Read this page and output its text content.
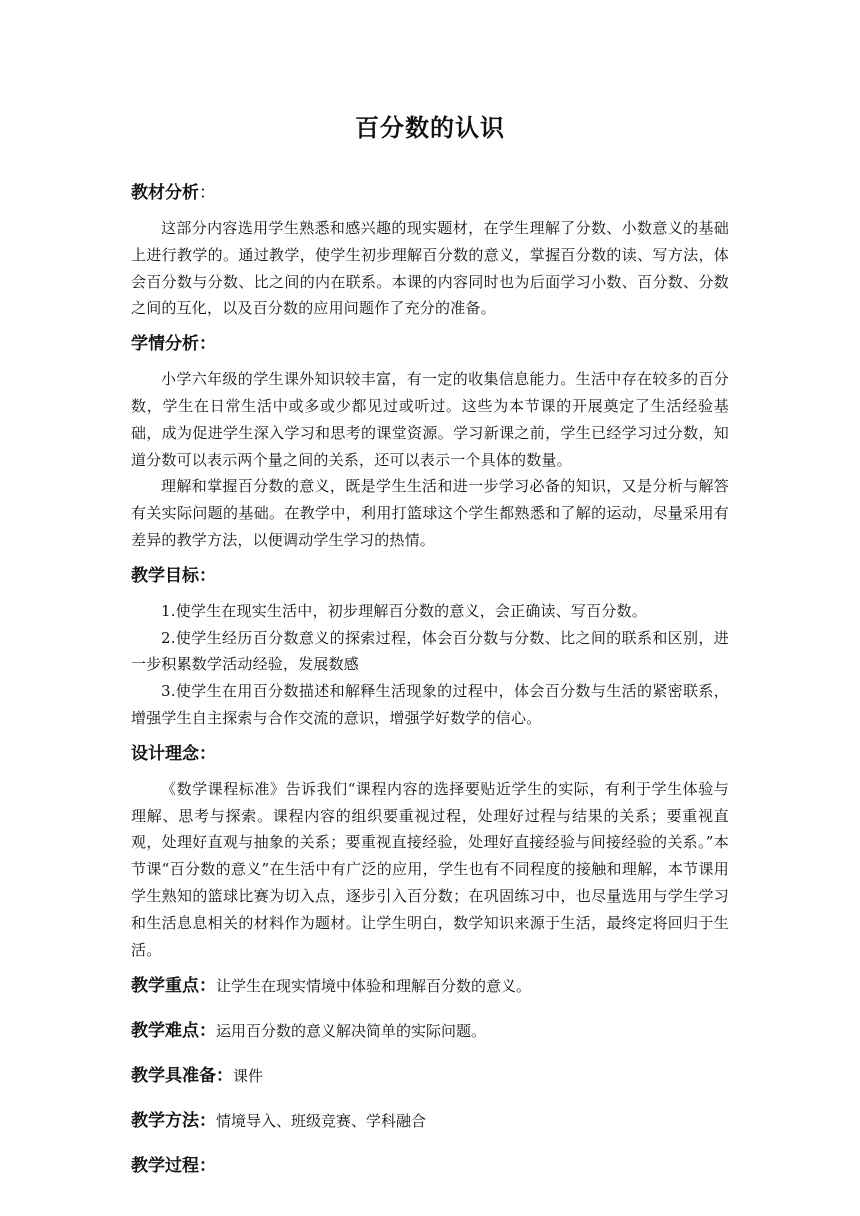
百分数的认识

教材分析：

这部分内容选用学生熟悉和感兴趣的现实题材，在学生理解了分数、小数意义的基础上进行教学的。通过教学，使学生初步理解百分数的意义，掌握百分数的读、写方法，体会百分数与分数、比之间的内在联系。本课的内容同时也为后面学习小数、百分数、分数之间的互化，以及百分数的应用问题作了充分的准备。

学情分析：

小学六年级的学生课外知识较丰富，有一定的收集信息能力。生活中存在较多的百分数，学生在日常生活中或多或少都见过或听过。这些为本节课的开展奠定了生活经验基础，成为促进学生深入学习和思考的课堂资源。学习新课之前，学生已经学习过分数，知道分数可以表示两个量之间的关系，还可以表示一个具体的数量。

理解和掌握百分数的意义，既是学生生活和进一步学习必备的知识，又是分析与解答有关实际问题的基础。在教学中，利用打篮球这个学生都熟悉和了解的运动，尽量采用有差异的教学方法，以便调动学生学习的热情。

教学目标：

1.使学生在现实生活中，初步理解百分数的意义，会正确读、写百分数。

2.使学生经历百分数意义的探索过程，体会百分数与分数、比之间的联系和区别，进一步积累数学活动经验，发展数感

3.使学生在用百分数描述和解释生活现象的过程中，体会百分数与生活的紧密联系，增强学生自主探索与合作交流的意识，增强学好数学的信心。

设计理念：

《数学课程标准》告诉我们“课程内容的选择要贴近学生的实际，有利于学生体验与理解、思考与探索。课程内容的组织要重视过程，处理好过程与结果的关系；要重视直观，处理好直观与抽象的关系；要重视直接经验，处理好直接经验与间接经验的关系。”本节课“百分数的意义”在生活中有广泛的应用，学生也有不同程度的接触和理解，本节课用学生熟知的篮球比赛为切入点，逐步引入百分数；在巩固练习中，也尽量选用与学生学习和生活息息相关的材料作为题材。让学生明白，数学知识来源于生活，最终定将回归于生活。

教学重点：让学生在现实情境中体验和理解百分数的意义。

教学难点：运用百分数的意义解决简单的实际问题。

教学具准备：课件

教学方法：情境导入、班级竞赛、学科融合

教学过程：
